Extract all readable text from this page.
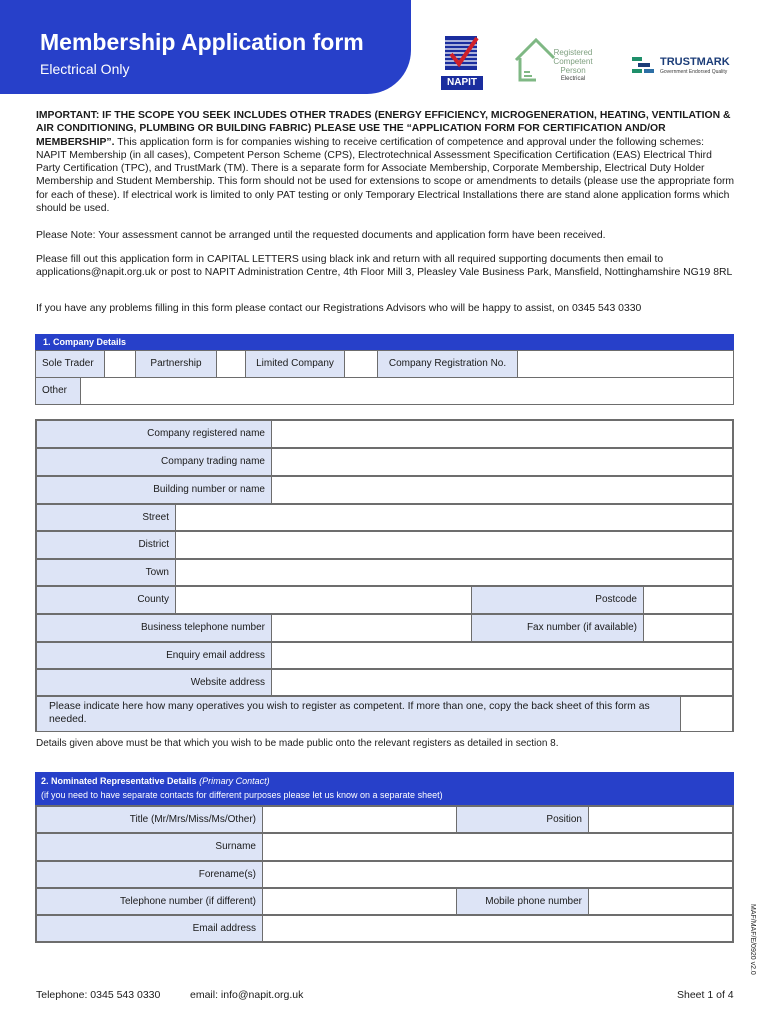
Membership Application form
Electrical Only
NAPIT
Registered
Competent
Person
Electrical
TRUSTMARK
Government Endorsed Quality
IMPORTANT: IF THE SCOPE YOU SEEK INCLUDES OTHER TRADES (ENERGY EFFICIENCY, MICROGENERATION, HEATING, VENTILATION & AIR CONDITIONING, PLUMBING OR BUILDING FABRIC) PLEASE USE THE “APPLICATION FORM FOR CERTIFICATION AND/OR MEMBERSHIP”. This application form is for companies wishing to receive certification of competence and approval under the following schemes: NAPIT Membership (in all cases), Competent Person Scheme (CPS), Electrotechnical Assessment Specification Certification (EAS) Electrical Third Party Certification (TPC), and TrustMark (TM). There is a separate form for Associate Membership, Corporate Membership, Electrical Duty Holder Membership and Student Membership. This form should not be used for extensions to scope or amendments to details (please use the appropriate form for each of these). If electrical work is limited to only PAT testing or only Temporary Electrical Installations there are stand alone application forms which should be used.
Please Note: Your assessment cannot be arranged until the requested documents and application form have been received.
Please fill out this application form in CAPITAL LETTERS using black ink and return with all required supporting documents then email to applications@napit.org.uk or post to NAPIT Administration Centre, 4th Floor Mill 3, Pleasley Vale Business Park, Mansfield, Nottinghamshire NG19 8RL
If you have any problems filling in this form please contact our Registrations Advisors who will be happy to assist, on 0345 543 0330
1. Company Details
Sole Trader	Partnership	Limited Company	Company Registration No.
Other
Company registered name
Company trading name
Building number or name
Street
District
Town
County	Postcode
Business telephone number	Fax number (if available)
Enquiry email address
Website address
Please indicate here how many operatives you wish to register as competent. If more than one, copy the back sheet of this form as needed.
Details given above must be that which you wish to be made public onto the relevant registers as detailed in section 8.
2. Nominated Representative Details (Primary Contact)
(if you need to have separate contacts for different purposes please let us know on a separate sheet)
Title (Mr/Mrs/Miss/Ms/Other)	Position
Surname
Forename(s)
Telephone number (if different)	Mobile phone number
Email address	MAF/MAF/E/0920 v2.0
Telephone: 0345 543 0330	email: info@napit.org.uk	Sheet 1 of 4
